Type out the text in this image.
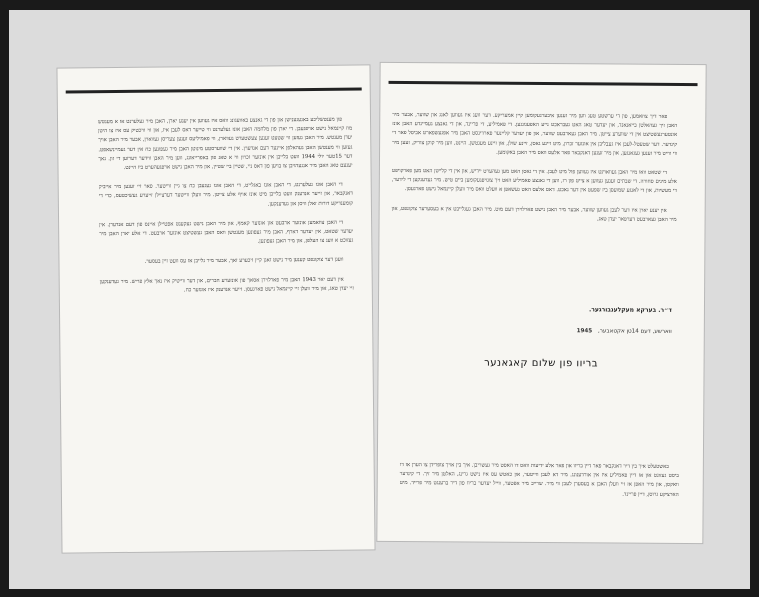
פון מענטשליכע באגעגענישן און פון די גאנצע באוועגונג וואס איז געווען אין יענע יארן, האבן מיר געלערנט אז א מענטש מוז קיינמאל נישט אויפגעבן. די יארן פון מלחמה האבן אונז געלערנט ווי טייער דאס לעבן איז, און ווי וויכטיק עס איז צו היטן יעדן מענטש. מיר האבן געזען ווי שטעט זענען צעשטערט געווארן, ווי פאמיליעס זענען צעריסן געווארן, אבער מיר האבן אויך געזען ווי מענטשן האבן געהאלפן איינער דעם אנדערן. אין די שווערסטע מינוטן האבן מיר געפונען כח אין דער געמיינשאפט. דער 15טער יולי 1944 וועט בלייבן אין אונזער זכרון ווי א טאג פון באפרייאונג, ווען מיר האבן ווידער דערזען די זון. נאך יענעם טאג האבן מיר אנגעהויבן צו בויען פון דאס ניי, שטיין ביי שטיין, און מיר האבן נישט אויפגעהערט ביז היינט.

די האבן אונז געלערנט, די האבן אונז באגלייט, די האבן אונז געגעבן כח צו גיין ווייטער. פאר זיי זענען מיר אייביק דאנקבאר, און זייער אנדענק וועט בלייבן מיט אונז אויף אלע צייטן. מיר וועלן ווייטער דערציילן זייערע געשיכטעס, כדי די קומענדיקע דורות זאלן וויסן און געדענקען.

די האבן צוזאמען אונזער ארבעט און אונזער קאמף, און מיר האבן נישט געקענט אפטיילן איינס פון דעם אנדערן. אין יעדער שטאט, אין יעדער דארף, האבן מיר געפונען מענטשן וואס האבן געשטיצט אונזער ארבעט. די אלע יארן האבן מיר געזוכט א וועג צו העלפן, און מיר האבן געפונען.

וועגן דער צוקונפט קענען מיר נישט זאגן קיין זיכערע זאך, אבער מיר גלייבן אז עס וועט זיין בעסער.

אין דעם יאר 1943 האבן מיר פארלוירן אסאך פון אונזערע חברים, און דער ווייטיק איז נאך אלץ פריש. מיר געדענקען זיי יעדן טאג, און מיר וועלן זיי קיינמאל נישט פארגעסן. זייער אנדענק איז אונזער כח.

פאר דיך צוזאמען, פון די ערשטע טעג ווען מיר זענען איבערגעקומען קיין אמעריקע. דער וועג איז געווען לאנג און שווער, אבער מיר האבן זיך געהאלטן בייאנאנד, און יעדער טאג האט געבראכט נייע האפענונגען. די פאמיליע, די פריינד, און די גאנצע געמיינדע האבן אונז אונטערגעשטיצט אין די שווערע צייטן. מיר האבן געארבעט שווער, און פון יעדער קליינער פארדינסט האבן מיר אפגעשפארט אביסל פאר די קינדער. דער שטעטל-לעבן איז געבליבן אין אונזער זכרון, מיט זיינע גאסן, זיינע שולן, און זיינע מענטשן. היינט, ווען מיר קוקן צוריק, זעען מיר ווי ווייט מיר זענען געגאנגען, און מיר זענען דאנקבאר פאר אלעס וואס מיר האבן באקומען.

די שטאט וואו מיר האבן געוואוינט איז געווען פול מיט לעבן. אין די גאסן האט מען געהערט יידיש, און אין די קלייטן האט מען פארקויפט אלע מינים סחורה. די שבתים זענען געווען א צייט פון רו, ווען די גאנצע פאמיליע האט זיך צונויפגעקומען ביים טיש. מיר געדענקען די לידער, די מעשיות, און די לאנגע שמועסן ביז שפעט אין דער נאכט. דאס אלעס האט געשאפן א וועלט וואס מיר וועלן קיינמאל נישט פארגעסן.

אין יענע יארן איז דער לעבן געווען שווער, אבער מיר האבן נישט פארלוירן דעם מוט. מיר האבן געגלייבט אין א בעסערער צוקונפט, און מיר האבן געארבעט דערפאר יעדן טאג.

ד״ר. בערקא מעקלענבורגער.
ווארשע, דעם 14טן אקטאבער, 1945
בריוו פון שלום קאגאנער

באשטעלט איך בין דיר דאנקבאר פאר דיין בריוו און פאר אלע ידיעות וואס דו האסט מיר געשריבן. איך בין אויך צופרידן צו הערן אז דו ביסט געזונט און אז דיין פאמיליע איז אין אורדענונג. מיר דא לעבן ווייטער, און כאטש עס איז נישט גרינג, האלטן מיר זיך. די קינדער וואקסן, און מיר האפן אז זיי וועלן האבן א בעסערן לעבן ווי מיר. שרייב מיר אפטער, ווייל יעדער בריוו פון דיר ברענגט מיר פרייד. מיט הארציקע גרוסן, דיין פריינד.
